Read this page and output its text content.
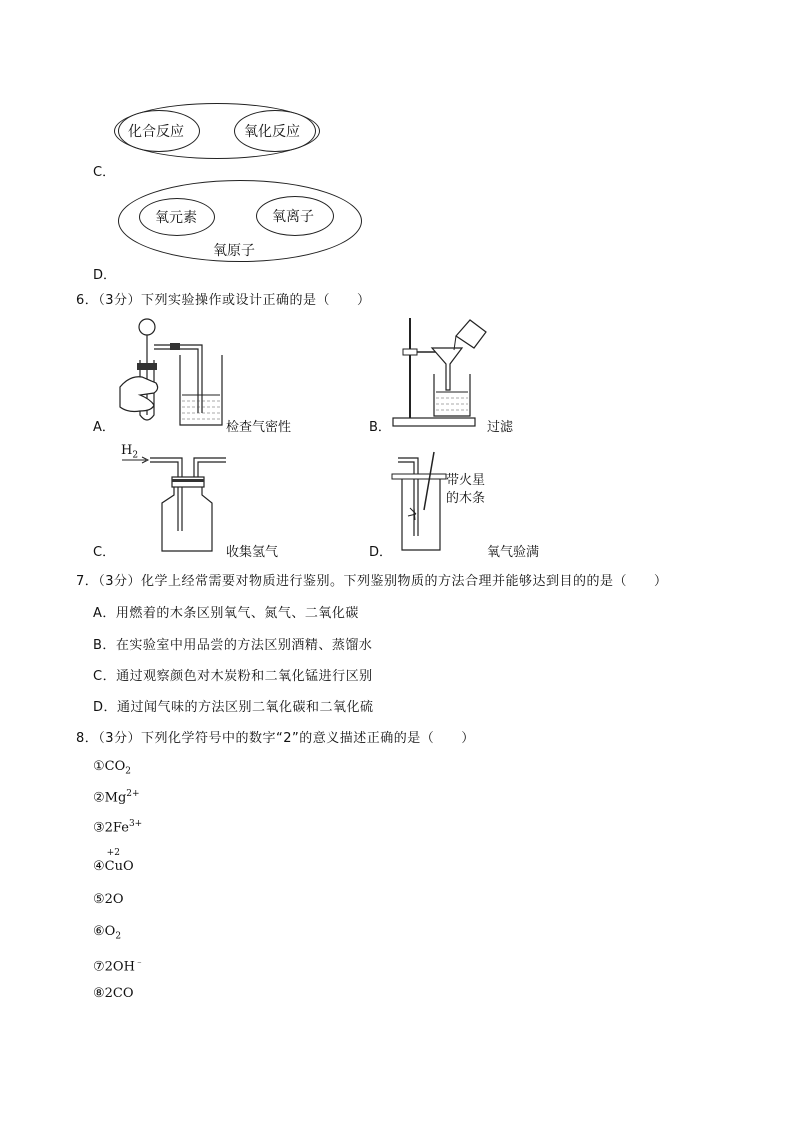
化合反应	氧化反应
C．
氧元素	氧离子
氧原子
D．
6．（3分）下列实验操作或设计正确的是（　　）
A．	检查气密性	B．	过滤
$H_2$
C．	收集氢气
带火星
的木条
D．	氧气验满
7．（3分）化学上经常需要对物质进行鉴别。下列鉴别物质的方法合理并能够达到目的的是（　　）
A．用燃着的木条区别氧气、氮气、二氧化碳
B．在实验室中用品尝的方法区别酒精、蒸馏水
C．通过观察颜色对木炭粉和二氧化锰进行区别
D．通过闻气味的方法区别二氧化碳和二氧化硫
8．（3分）下列化学符号中的数字“2”的意义描述正确的是（　　）
$①CO_2$
$②Mg^{2+}$
$③2Fe^{3+}$
④
+2
CuO
⑤2O
$⑥O_2$
⑦2OH﹣
⑧2CO
